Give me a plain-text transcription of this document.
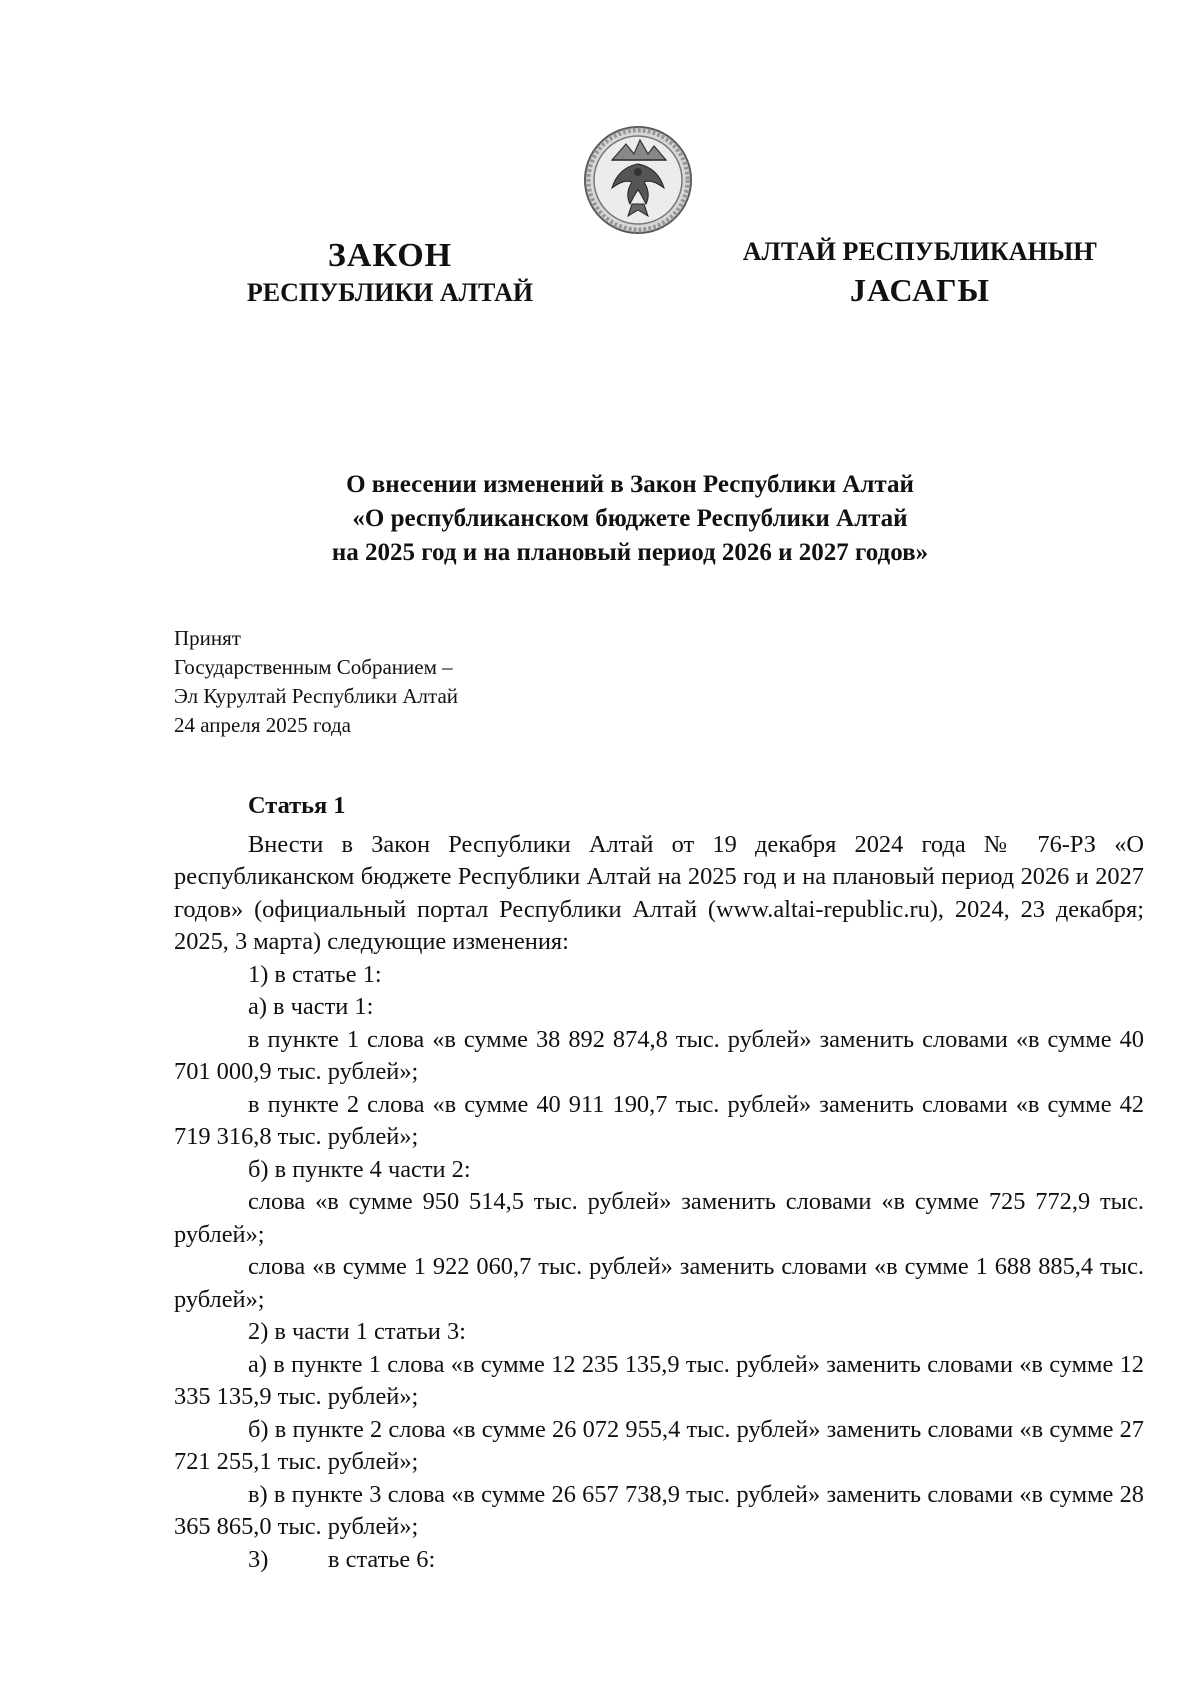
ЗАКОН
РЕСПУБЛИКИ АЛТАЙ
АЛТАЙ РЕСПУБЛИКАНЫҤ
ЈАСАГЫ
О внесении изменений в Закон Республики Алтай
«О республиканском бюджете Республики Алтай
на 2025 год и на плановый период 2026 и 2027 годов»
Принят
Государственным Собранием –
Эл Курултай Республики Алтай
24 апреля 2025 года
Статья 1

Внести в Закон Республики Алтай от 19 декабря 2024 года № 76-РЗ «О республиканском бюджете Республики Алтай на 2025 год и на плановый период 2026 и 2027 годов» (официальный портал Республики Алтай (www.altai-republic.ru), 2024, 23 декабря; 2025, 3 марта) следующие изменения:

1) в статье 1:

а) в части 1:

в пункте 1 слова «в сумме 38 892 874,8 тыс. рублей» заменить словами «в сумме 40 701 000,9 тыс. рублей»;

в пункте 2 слова «в сумме 40 911 190,7 тыс. рублей» заменить словами «в сумме 42 719 316,8 тыс. рублей»;

б) в пункте 4 части 2:

слова «в сумме 950 514,5 тыс. рублей» заменить словами «в сумме 725 772,9 тыс. рублей»;

слова «в сумме 1 922 060,7 тыс. рублей» заменить словами «в сумме 1 688 885,4 тыс. рублей»;

2) в части 1 статьи 3:

а) в пункте 1 слова «в сумме 12 235 135,9 тыс. рублей» заменить словами «в сумме 12 335 135,9 тыс. рублей»;

б) в пункте 2 слова «в сумме 26 072 955,4 тыс. рублей» заменить словами «в сумме 27 721 255,1 тыс. рублей»;

в) в пункте 3 слова «в сумме 26 657 738,9 тыс. рублей» заменить словами «в сумме 28 365 865,0 тыс. рублей»;

3) в статье 6:
